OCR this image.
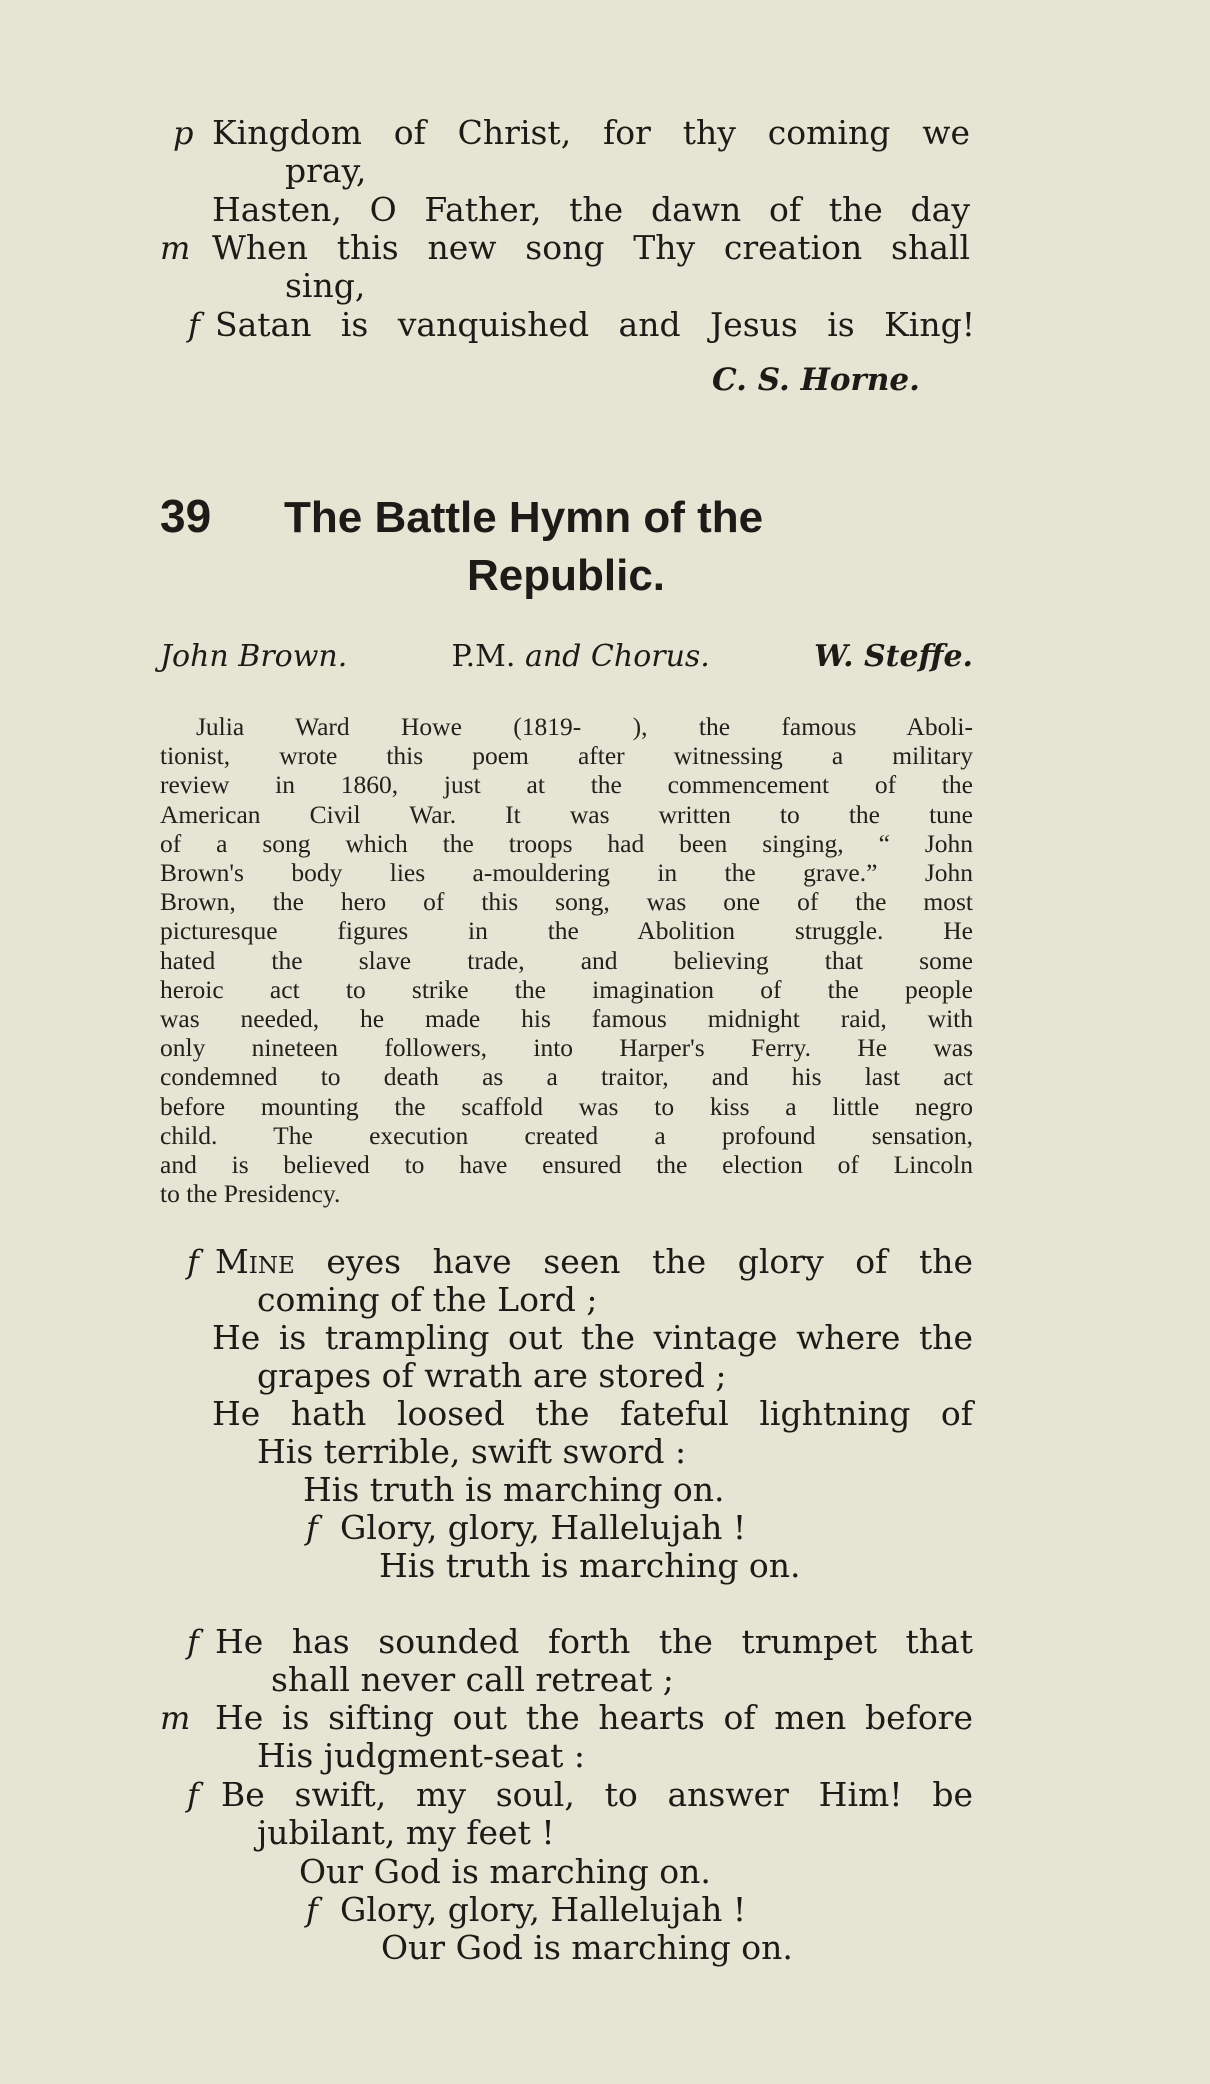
p Kingdom of Christ, for thy coming we
pray,
Hasten, O Father, the dawn of the day
m When this new song Thy creation shall
sing,
f Satan is vanquished and Jesus is King!
C. S. Horne.
39 The Battle Hymn of the
Republic.
John Brown.	P.M. and Chorus.	W. Steffe.
Julia Ward Howe (1819- ), the famous Aboli-
tionist, wrote this poem after witnessing a military
review in 1860, just at the commencement of the
American Civil War. It was written to the tune
of a song which the troops had been singing, “ John
Brown's body lies a-mouldering in the grave.” John
Brown, the hero of this song, was one of the most
picturesque figures in the Abolition struggle. He
hated the slave trade, and believing that some
heroic act to strike the imagination of the people
was needed, he made his famous midnight raid, with
only nineteen followers, into Harper's Ferry. He was
condemned to death as a traitor, and his last act
before mounting the scaffold was to kiss a little negro
child. The execution created a profound sensation,
and is believed to have ensured the election of Lincoln
to the Presidency.
f Mine eyes have seen the glory of the
coming of the Lord ;
He is trampling out the vintage where the
grapes of wrath are stored ;
He hath loosed the fateful lightning of
His terrible, swift sword :
His truth is marching on.
f Glory, glory, Hallelujah !
His truth is marching on.
f He has sounded forth the trumpet that
shall never call retreat ;
m He is sifting out the hearts of men before
His judgment-seat :
f Be swift, my soul, to answer Him! be
jubilant, my feet !
Our God is marching on.
f Glory, glory, Hallelujah !
Our God is marching on.
